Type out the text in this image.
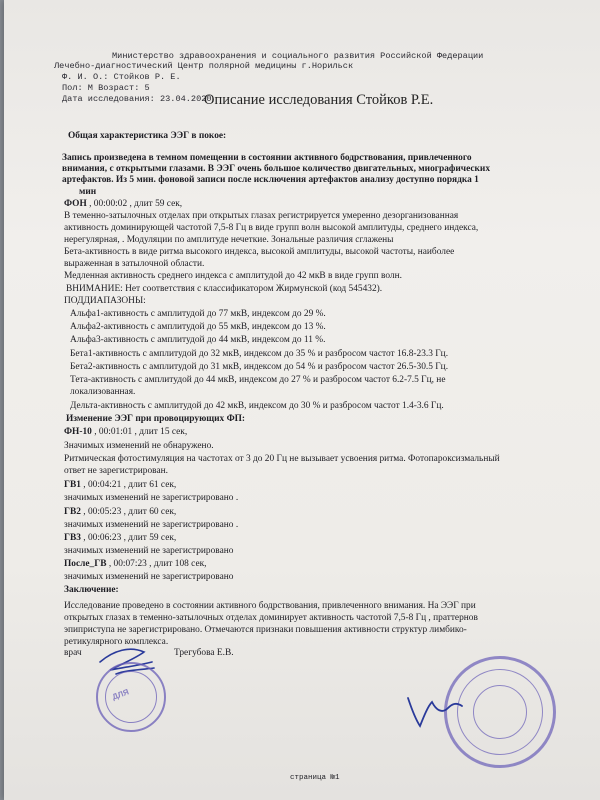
Министерство здравоохранения и социального развития Российской Федерации
Лечебно-диагностический Центр полярной медицины г.Норильск
Ф. И. О.: Стойков Р. Е.
Пол: М Возраст: 5
Дата исследования: 23.04.2020
Описание исследования Стойков Р.Е.
Общая характеристика ЭЭГ в покое:
Запись произведена в темном помещении в состоянии активного бодрствования, привлеченного
внимания, с открытыми глазами. В ЭЭГ очень большое количество двигательных, миографических
артефактов. Из 5 мин. фоновой записи после исключения артефактов анализу доступно порядка 1
мин
ФОН , 00:00:02 , длит 59 сек,
В теменно-затылочных отделах при открытых глазах регистрируется умеренно дезорганизованная
активность доминирующей частотой 7,5-8 Гц в виде групп волн высокой амплитуды, среднего индекса,
нерегулярная, . Модуляции по амплитуде нечеткие. Зональные различия сглажены
Бета-активность в виде ритма высокого индекса, высокой амплитуды, высокой частоты, наиболее
выраженная в затылочной области.
Медленная активность среднего индекса с амплитудой до 42 мкВ в виде групп волн.
ВНИМАНИЕ: Нет соответствия с классификатором Жирмунской (код 545432).
ПОДДИАПАЗОНЫ:
Альфа1-активность с амплитудой до 77 мкВ, индексом до 29 %.
Альфа2-активность с амплитудой до 55 мкВ, индексом до 13 %.
Альфа3-активность с амплитудой до 44 мкВ, индексом до 11 %.
Бета1-активность с амплитудой до 32 мкВ, индексом до 35 % и разбросом частот 16.8-23.3 Гц.
Бета2-активность с амплитудой до 31 мкВ, индексом до 54 % и разбросом частот 26.5-30.5 Гц.
Тета-активность с амплитудой до 44 мкВ, индексом до 27 % и разбросом частот 6.2-7.5 Гц, не
локализованная.
Дельта-активность с амплитудой до 42 мкВ, индексом до 30 % и разбросом частот 1.4-3.6 Гц.
Изменение ЭЭГ при провоцирующих ФП:
ФН-10 , 00:01:01 , длит 15 сек,
Значимых изменений не обнаружено.
Ритмическая фотостимуляция на частотах от 3 до 20 Гц не вызывает усвоения ритма. Фотопароксизмальный
ответ не зарегистрирован.
ГВ1 , 00:04:21 , длит 61 сек,
значимых изменений не зарегистрировано .
ГВ2 , 00:05:23 , длит 60 сек,
значимых изменений не зарегистрировано .
ГВ3 , 00:06:23 , длит 59 сек,
значимых изменений не зарегистрировано
После_ГВ , 00:07:23 , длит 108 сек,
значимых изменений не зарегистрировано
Заключение:
Исследование проведено в состоянии активного бодрствования, привлеченного внимания. На ЭЭГ при
открытых глазах в теменно-затылочных отделах доминирует активность частотой 7,5-8 Гц , праттернов
эпиприступа не зарегистрировано. Отмечаются признаки повышения активности структур лимбико-
ретикулярного комплекса.
врач	Трегубова Е.В.
ДЛЯ
страница №1
